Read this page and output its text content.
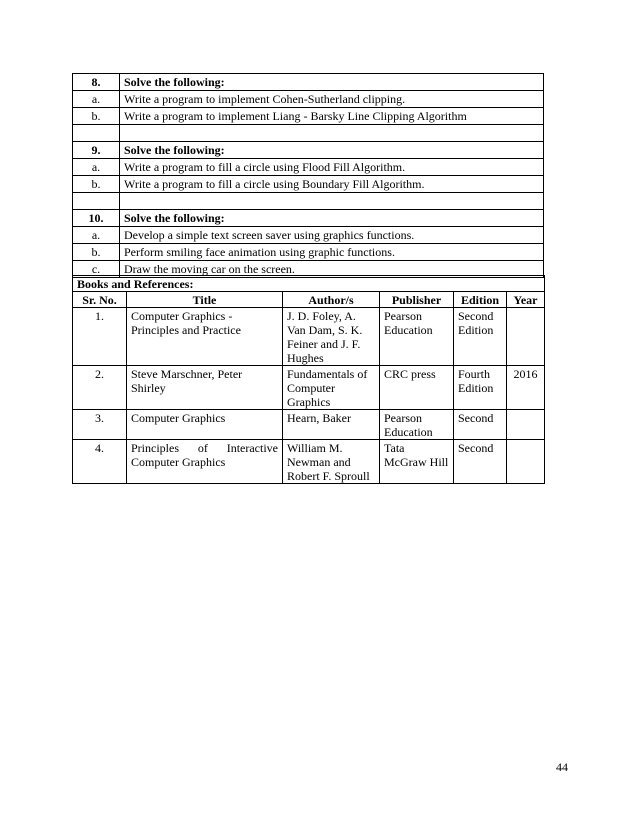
8.	Solve the following:
a.	Write a program to implement Cohen-Sutherland clipping.
b.	Write a program to implement Liang - Barsky Line Clipping Algorithm

9.	Solve the following:
a.	Write a program to fill a circle using Flood Fill Algorithm.
b.	Write a program to fill a circle using Boundary Fill Algorithm.

10.	Solve the following:
a.	Develop a simple text screen saver using graphics functions.
b.	Perform smiling face animation using graphic functions.
c.	Draw the moving car on the screen.
Books and References:					
Sr. No.	Title	Author/s	Publisher	Edition	Year
1.	Computer Graphics - Principles and Practice	J. D. Foley, A. Van Dam, S. K. Feiner and J. F. Hughes	Pearson Education	Second Edition	
2.	Steve Marschner, Peter Shirley	Fundamentals of Computer Graphics	CRC press	Fourth Edition	2016
3.	Computer Graphics	Hearn, Baker	Pearson Education	Second	
4.	Principles of Interactive Computer Graphics	William M. Newman and Robert F. Sproull	Tata McGraw Hill	Second	
44
